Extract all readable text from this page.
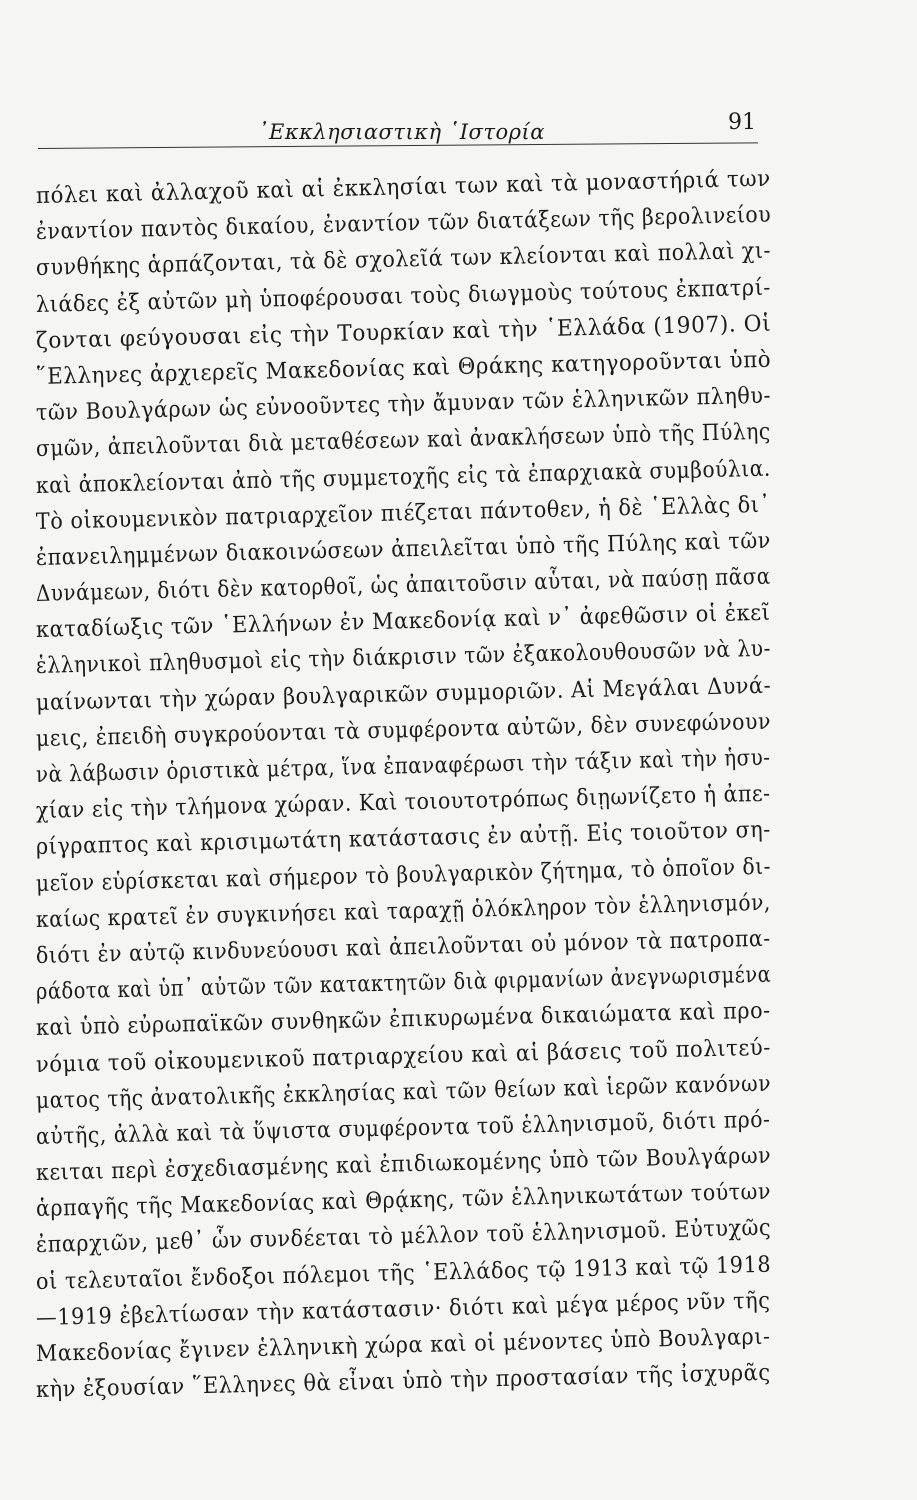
᾿Εκκλησιαστικὴ ῾Ιστορία	91
πόλει καὶ ἀλλαχοῦ καὶ αἱ ἐκκλησίαι των καὶ τὰ μοναστήριά των
ἐναντίον παντὸς δικαίου, ἐναντίον τῶν διατάξεων τῆς βερολινείου
συνθήκης ἁρπάζονται, τὰ δὲ σχολεῖά των κλείονται καὶ πολλαὶ χι-
λιάδες ἐξ αὐτῶν μὴ ὑποφέρουσαι τοὺς διωγμοὺς τούτους ἐκπατρί-
ζονται φεύγουσαι εἰς τὴν Τουρκίαν καὶ τὴν ῾Ελλάδα (1907). Οἱ
῞Ελληνες ἀρχιερεῖς Μακεδονίας καὶ Θράκης κατηγοροῦνται ὑπὸ
τῶν Βουλγάρων ὡς εὐνοοῦντες τὴν ἄμυναν τῶν ἑλληνικῶν πληθυ-
σμῶν, ἀπειλοῦνται διὰ μεταθέσεων καὶ ἀνακλήσεων ὑπὸ τῆς Πύλης
καὶ ἀποκλείονται ἀπὸ τῆς συμμετοχῆς εἰς τὰ ἐπαρχιακὰ συμβούλια.
Τὸ οἰκουμενικὸν πατριαρχεῖον πιέζεται πάντοθεν, ἡ δὲ ῾Ελλὰς δι᾿
ἐπανειλημμένων διακοινώσεων ἀπειλεῖται ὑπὸ τῆς Πύλης καὶ τῶν
Δυνάμεων, διότι δὲν κατορθοῖ, ὡς ἀπαιτοῦσιν αὗται, νὰ παύσῃ πᾶσα
καταδίωξις τῶν ῾Ελλήνων ἐν Μακεδονίᾳ καὶ ν᾿ ἀφεθῶσιν οἱ ἐκεῖ
ἑλληνικοὶ πληθυσμοὶ εἰς τὴν διάκρισιν τῶν ἐξακολουθουσῶν νὰ λυ-
μαίνωνται τὴν χώραν βουλγαρικῶν συμμοριῶν. Αἱ Μεγάλαι Δυνά-
μεις, ἐπειδὴ συγκρούονται τὰ συμφέροντα αὐτῶν, δὲν συνεφώνουν
νὰ λάβωσιν ὁριστικὰ μέτρα, ἵνα ἐπαναφέρωσι τὴν τάξιν καὶ τὴν ἡσυ-
χίαν εἰς τὴν τλήμονα χώραν. Καὶ τοιουτοτρόπως διῃωνίζετο ἡ ἀπε-
ρίγραπτος καὶ κρισιμωτάτη κατάστασις ἐν αὐτῇ. Εἰς τοιοῦτον ση-
μεῖον εὑρίσκεται καὶ σήμερον τὸ βουλγαρικὸν ζήτημα, τὸ ὁποῖον δι-
καίως κρατεῖ ἐν συγκινήσει καὶ ταραχῇ ὁλόκληρον τὸν ἑλληνισμόν,
διότι ἐν αὐτῷ κινδυνεύουσι καὶ ἀπειλοῦνται οὐ μόνον τὰ πατροπα-
ράδοτα καὶ ὑπ᾿ αὐτῶν τῶν κατακτητῶν διὰ φιρμανίων ἀνεγνωρισμένα
καὶ ὑπὸ εὐρωπαϊκῶν συνθηκῶν ἐπικυρωμένα δικαιώματα καὶ προ-
νόμια τοῦ οἰκουμενικοῦ πατριαρχείου καὶ αἱ βάσεις τοῦ πολιτεύ-
ματος τῆς ἀνατολικῆς ἐκκλησίας καὶ τῶν θείων καὶ ἱερῶν κανόνων
αὐτῆς, ἀλλὰ καὶ τὰ ὕψιστα συμφέροντα τοῦ ἑλληνισμοῦ, διότι πρό-
κειται περὶ ἐσχεδιασμένης καὶ ἐπιδιωκομένης ὑπὸ τῶν Βουλγάρων
ἁρπαγῆς τῆς Μακεδονίας καὶ Θρᾴκης, τῶν ἑλληνικωτάτων τούτων
ἐπαρχιῶν, μεθ᾿ ὧν συνδέεται τὸ μέλλον τοῦ ἑλληνισμοῦ. Εὐτυχῶς
οἱ τελευταῖοι ἔνδοξοι πόλεμοι τῆς ῾Ελλάδος τῷ 1913 καὶ τῷ 1918
—1919 ἐβελτίωσαν τὴν κατάστασιν· διότι καὶ μέγα μέρος νῦν τῆς
Μακεδονίας ἔγινεν ἑλληνικὴ χώρα καὶ οἱ μένοντες ὑπὸ Βουλγαρι-
κὴν ἐξουσίαν ῞Ελληνες θὰ εἶναι ὑπὸ τὴν προστασίαν τῆς ἰσχυρᾶς
